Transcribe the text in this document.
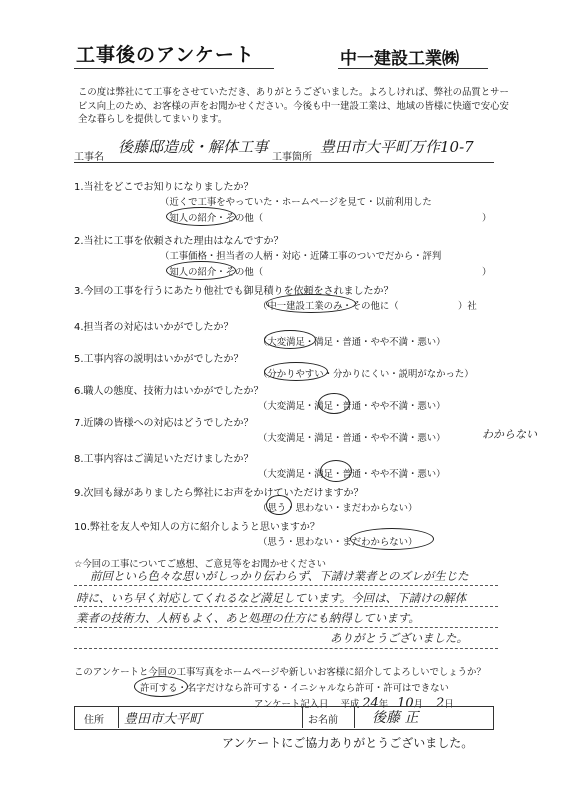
工事後のアンケート	中一建設工業㈱
この度は弊社にて工事をさせていただき、ありがとうございました。よろしければ、弊社の品質とサービス向上のため、お客様の声をお聞かせください。今後も中一建設工業は、地域の皆様に快適で安心安全な暮らしを提供してまいります。
工事名
後藤邸造成・解体工事
工事箇所
豊田市大平町万作10-7
1.当社をどこでお知りになりましたか？
（近くで工事をやっていた・ホームページを見て・以前利用した
知人の紹介・その他（	）
2.当社に工事を依頼された理由はなんですか？
（工事価格・担当者の人柄・対応・近隣工事のついでだから・評判
知人の紹介・その他（	）
3.今回の工事を行うにあたり他社でも御見積りを依頼をされましたか？
（中一建設工業のみ・その他に（	）社
4.担当者の対応はいかがでしたか？
（大変満足・満足・普通・やや不満・悪い）
5.工事内容の説明はいかがでしたか？
（分かりやすい・分かりにくい・説明がなかった）
6.職人の態度、技術力はいかがでしたか？
（大変満足・満足・普通・やや不満・悪い）
7.近隣の皆様への対応はどうでしたか？
（大変満足・満足・普通・やや不満・悪い）	わからない
8.工事内容はご満足いただけましたか？
（大変満足・満足・普通・やや不満・悪い）
9.次回も縁がありましたら弊社にお声をかけていただけますか？
（思う・思わない・まだわからない）
10.弊社を友人や知人の方に紹介しようと思いますか？
（思う・思わない・まだわからない）
☆今回の工事についてご感想、ご意見等をお聞かせください
前回といら色々な思いがしっかり伝わらず、下請け業者とのズレが生じた
時に、いち早く対応してくれるなど満足しています。今回は、下請けの解体
業者の技術力、人柄もよく、あと処理の仕方にも納得しています。
ありがとうございました。
このアンケートと今回の工事写真をホームページや新しいお客様に紹介してよろしいでしょうか？
許可する・名字だけなら許可する・イニシャルなら許可・許可はできない
アンケート記入日 平成 24年 10月 2日
住所 豊田市大平町	お名前 後藤 正
アンケートにご協力ありがとうございました。
